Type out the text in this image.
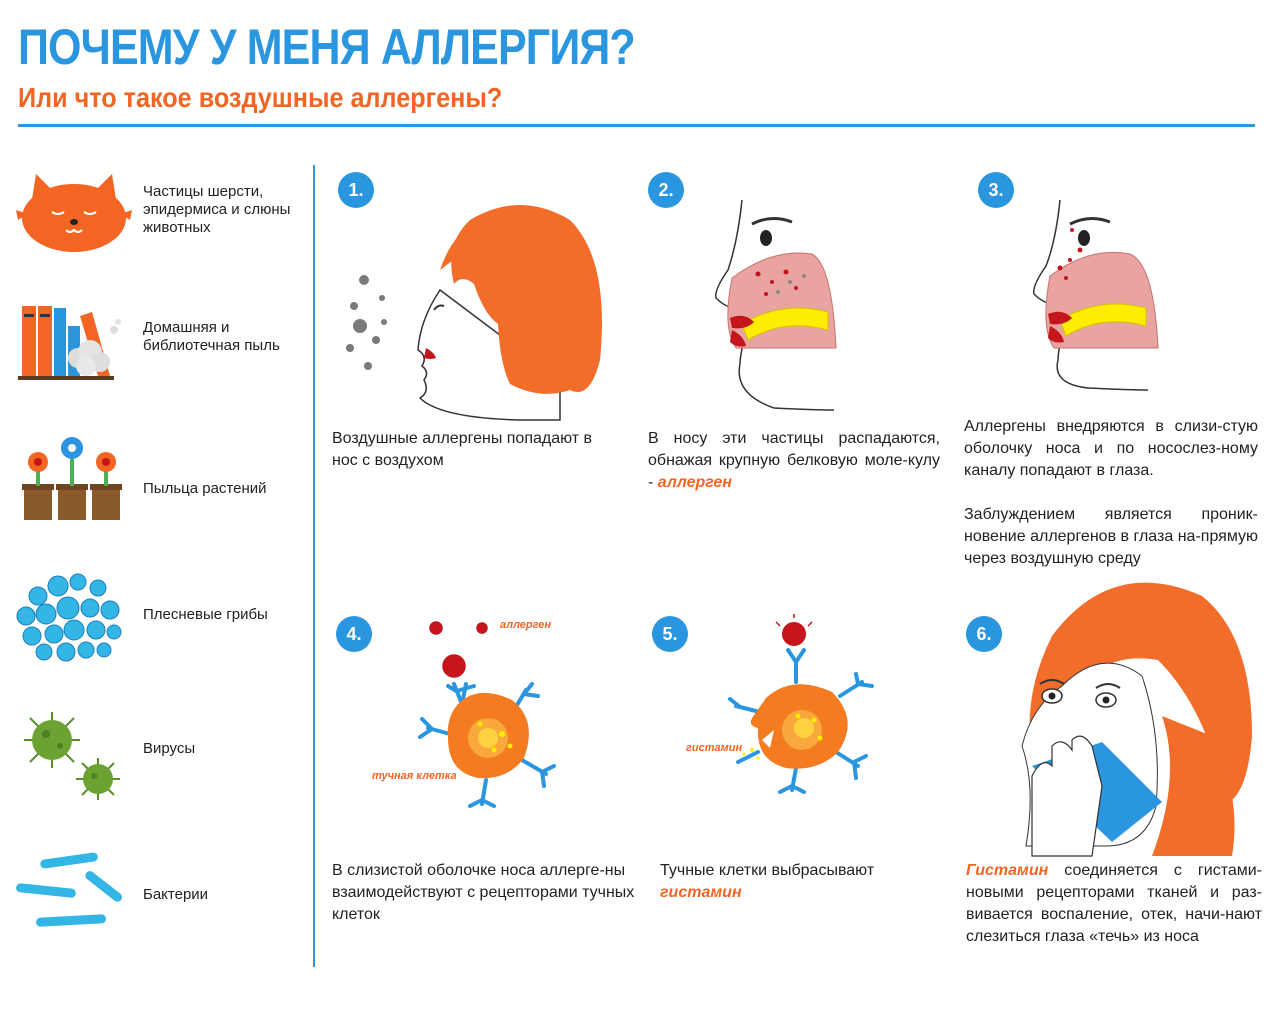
ПОЧЕМУ У МЕНЯ АЛЛЕРГИЯ?
Или что такое воздушные аллергены?
Частицы шерсти, эпидермиса и слюны животных
Домашняя и библиотечная пыль
Пыльца растений
Плесневые грибы
Вирусы
Бактерии
1.
Воздушные аллергены попадают в нос с воздухом
2.
В носу эти частицы распадаются, обнажая крупную белковую моле-кулу - аллерген
3.
Аллергены внедряются в слизи-стую оболочку носа и по носослез-ному каналу попадают в глаза.
Заблуждением является проник-новение аллергенов в глаза на-прямую через воздушную среду
4.	аллерген
тучная клетка
В слизистой оболочке носа аллерге-ны взаимодействуют с рецепторами тучных клеток
5.
гистамин
Тучные клетки выбрасывают
гистамин
6.
Гистамин соединяется с гистами-новыми рецепторами тканей и раз-вивается воспаление, отек, начи-нают слезиться глаза «течь» из носа
